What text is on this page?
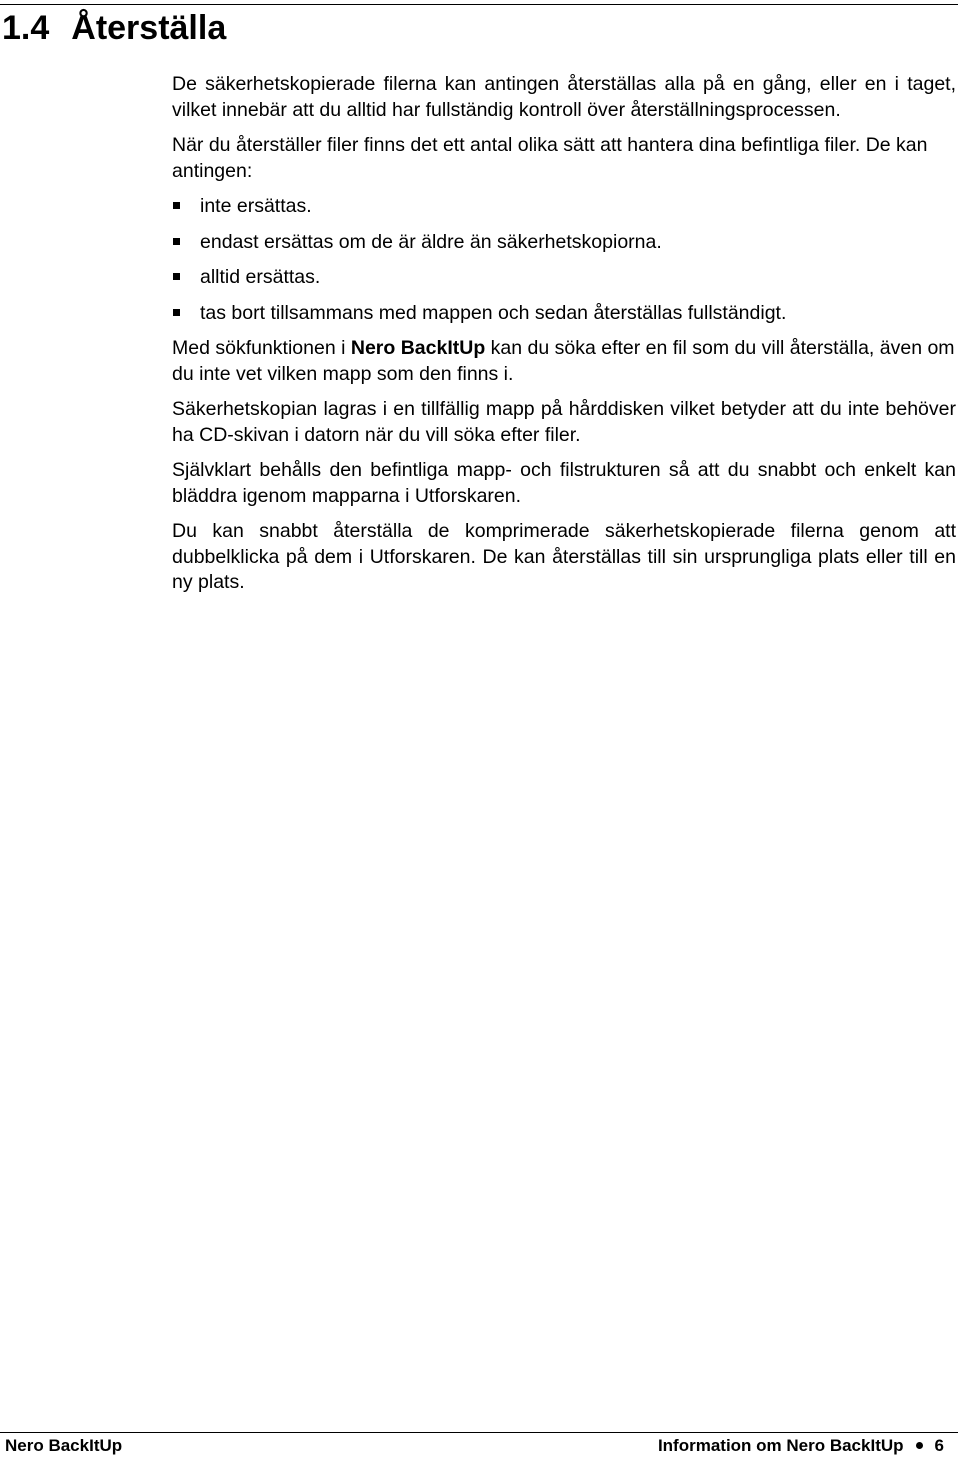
1.4 Återställa

De säkerhetskopierade filerna kan antingen återställas alla på en gång, eller en i taget, vilket innebär att du alltid har fullständig kontroll över återställningsprocessen.

När du återställer filer finns det ett antal olika sätt att hantera dina befintliga filer. De kan antingen:

inte ersättas.
endast ersättas om de är äldre än säkerhetskopiorna.
alltid ersättas.
tas bort tillsammans med mappen och sedan återställas fullständigt.

Med sökfunktionen i Nero BackItUp kan du söka efter en fil som du vill återställa, även om du inte vet vilken mapp som den finns i.

Säkerhetskopian lagras i en tillfällig mapp på hårddisken vilket betyder att du inte behöver ha CD-skivan i datorn när du vill söka efter filer.

Självklart behålls den befintliga mapp- och filstrukturen så att du snabbt och enkelt kan bläddra igenom mapparna i Utforskaren.

Du kan snabbt återställa de komprimerade säkerhetskopierade filerna genom att dubbelklicka på dem i Utforskaren. De kan återställas till sin ursprungliga plats eller till en ny plats.

Nero BackItUp	Information om Nero BackItUp 6
